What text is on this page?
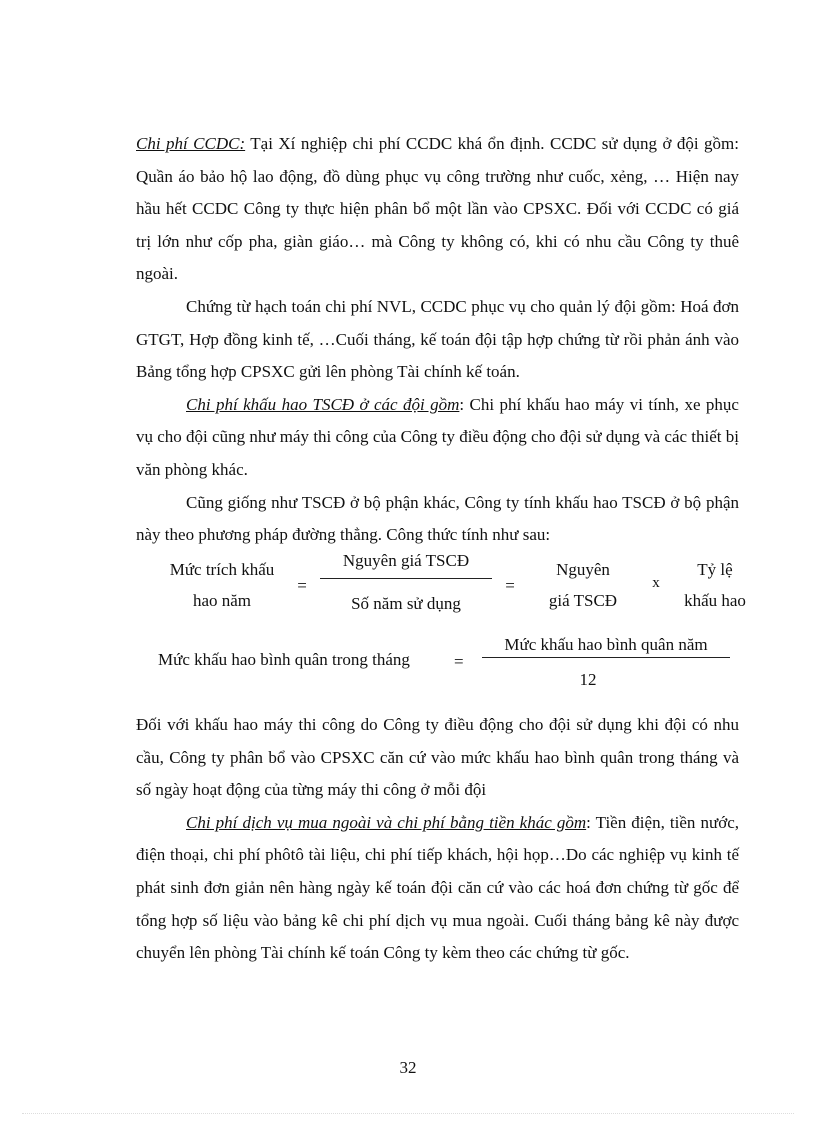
Chi phí CCDC: Tại Xí nghiệp chi phí CCDC khá ổn định. CCDC sử dụng ở đội gồm: Quần áo bảo hộ lao động, đồ dùng phục vụ công trường như cuốc, xẻng, … Hiện nay hầu hết CCDC Công ty thực hiện phân bổ một lần vào CPSXC. Đối với CCDC có giá trị lớn như cốp pha, giàn giáo… mà Công ty không có, khi có nhu cầu Công ty thuê ngoài.

Chứng từ hạch toán chi phí NVL, CCDC phục vụ cho quản lý đội gồm: Hoá đơn GTGT, Hợp đồng kinh tế, …Cuối tháng, kế toán đội tập hợp chứng từ rồi phản ánh vào Bảng tổng hợp CPSXC gửi lên phòng Tài chính kế toán.

Chi phí khấu hao TSCĐ ở các đội gồm: Chi phí khấu hao máy vi tính, xe phục vụ cho đội cũng như máy thi công của Công ty điều động cho đội sử dụng và các thiết bị văn phòng khác.

Cũng giống như TSCĐ ở bộ phận khác, Công ty tính khấu hao TSCĐ ở bộ phận này theo phương pháp đường thẳng. Công thức tính như sau:

Mức trích khấu
hao năm
=
Nguyên giá TSCĐ
Số năm sử dụng
=
Nguyên
giá TSCĐ
x
Tỷ lệ
khấu hao
Mức khấu hao bình quân trong tháng	=
Mức khấu hao bình quân năm
12

Đối với khấu hao máy thi công do Công ty điều động cho đội sử dụng khi đội có nhu cầu, Công ty phân bổ vào CPSXC căn cứ vào mức khấu hao bình quân trong tháng và số ngày hoạt động của từng máy thi công ở mỗi đội

Chi phí dịch vụ mua ngoài và chi phí bằng tiền khác gồm: Tiền điện, tiền nước, điện thoại, chi phí phôtô tài liệu, chi phí tiếp khách, hội họp…Do các nghiệp vụ kinh tế phát sinh đơn giản nên hàng ngày kế toán đội căn cứ vào các hoá đơn chứng từ gốc để tổng hợp số liệu vào bảng kê chi phí dịch vụ mua ngoài. Cuối tháng bảng kê này được chuyển lên phòng Tài chính kế toán Công ty kèm theo các chứng từ gốc.

32
